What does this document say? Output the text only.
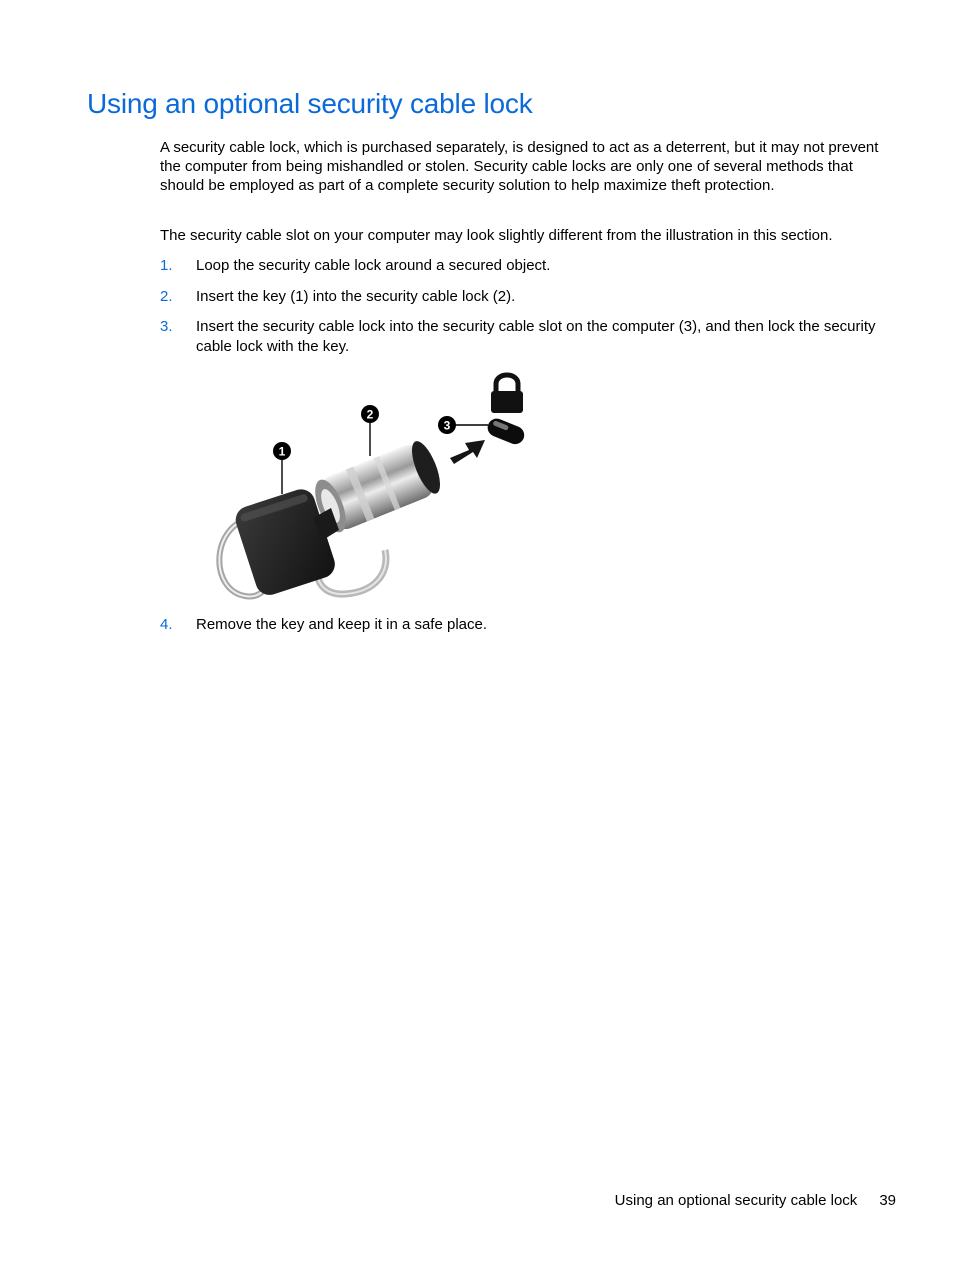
Using an optional security cable lock

A security cable lock, which is purchased separately, is designed to act as a deterrent, but it may not prevent the computer from being mishandled or stolen. Security cable locks are only one of several methods that should be employed as part of a complete security solution to help maximize theft protection.

The security cable slot on your computer may look slightly different from the illustration in this section.

1. Loop the security cable lock around a secured object.
2. Insert the key (1) into the security cable lock (2).
3. Insert the security cable lock into the security cable slot on the computer (3), and then lock the security cable lock with the key.
1
2
3
4. Remove the key and keep it in a safe place.
Using an optional security cable lock 39
